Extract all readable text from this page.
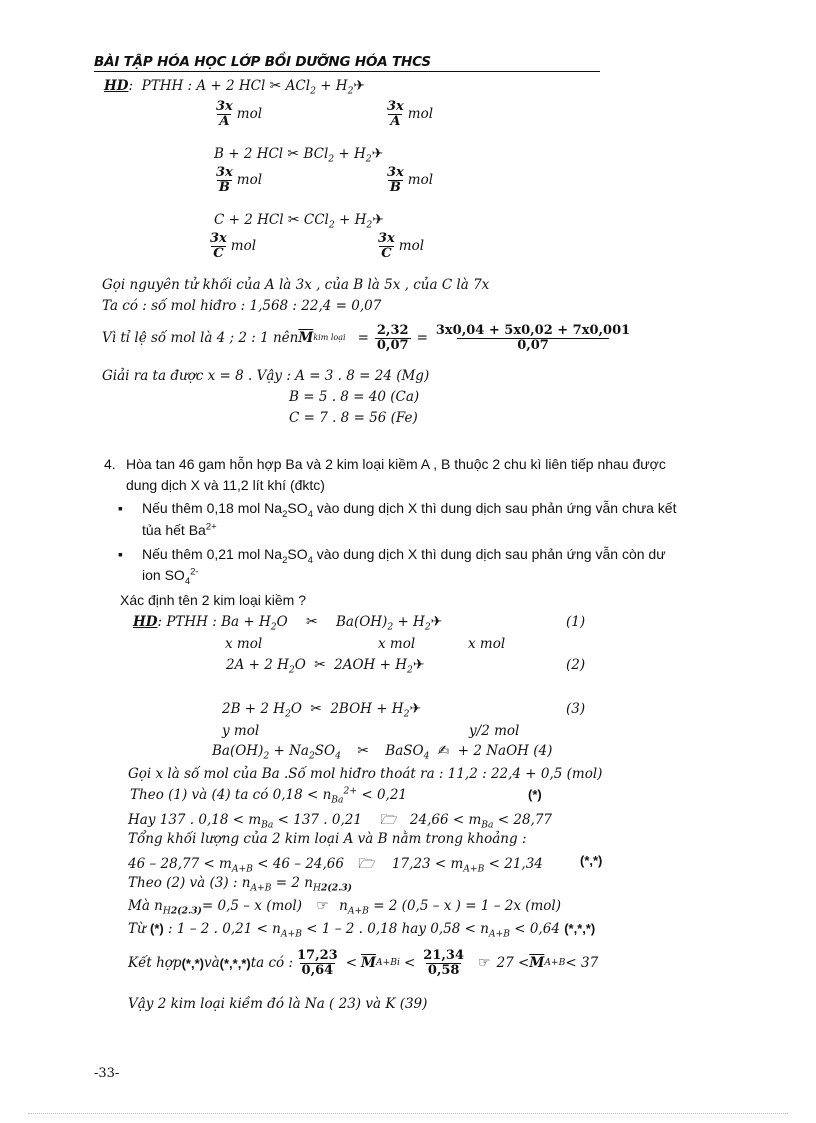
BÀI TẬP HÓA HỌC LỚP BỒI DƯỠNG HÓA THCS
HD:  PTHH : A + 2 HCl ✂ $ACl_2 + H_2✈$
$\frac{3x}{A}$ mol	$\frac{3x}{A}$ mol
B + 2 HCl ✂ $BCl_2 + H_2✈$
$\frac{3x}{B}$ mol	$\frac{3x}{B}$ mol
C + 2 HCl ✂ $CCl_2 + H_2✈$
$\frac{3x}{C}$ mol	$\frac{3x}{C}$ mol
Gọi nguyên tử khối của A là 3x , của B là 5x , của C là 7x
Ta có : số mol hiđro : 1,568 : 22,4 = 0,07
Vì tỉ lệ số mol là 4 ; 2 : 1 nên $\overline{M}$ kim loại = $\frac{2,32}{0,07} = \frac{3x0,04 + 5x0,02 + 7x0,001}{0,07}$
Giải ra ta được x = 8 . Vậy : A = 3 . 8 = 24 (Mg)
B = 5 . 8 = 40 (Ca)
C = 7 . 8 = 56 (Fe)
4. Hòa tan 46 gam hỗn hợp Ba và 2 kim loại kiềm A , B thuộc 2 chu kì liên tiếp nhau được
dung dịch X và 11,2 lít khí (đktc)
▪ Nếu thêm 0,18 mol $Na_2SO_4$ vào dung dịch X thì dung dịch sau phản ứng vẫn chưa kết
tủa hết $Ba^{2+}$
▪ Nếu thêm 0,21 mol $Na_2SO_4$ vào dung dịch X thì dung dịch sau phản ứng vẫn còn dư
ion $SO_4^{2-}$
Xác định tên 2 kim loại kiềm ?
HD: PTHH : $Ba + H_2O$ ✂ $Ba(OH)_2$ + $H_2✈$	(1)
x mol	x mol	x mol
2A + 2 $H_2O$ ✂ $2AOH + H_2✈$	(2)
2B + 2 $H_2O$ ✂ $2BOH + H_2✈$	(3)
y mol	y/2 mol
$Ba(OH)_2 + Na_2SO_4$ ✂ BaSO$_4$ ✍ + 2 NaOH (4)
Gọi x là số mol của Ba .Số mol hiđro thoát ra : 11,2 : 22,4 + 0,5 (mol)
Theo (1) và (4) ta có $0,18 < n_{Ba}^{2+} < 0,21$	(*)
Hay 137 . $0,18 < m_{Ba} < 137$ . 0,21 🗁 $24,66 < m_{Ba} < 28,77$
Tổng khối lượng của 2 kim loại A và B nằm trong khoảng :
$46 - 28,77 < m_{A+B} < 46 - 24,66$ 🗁 $17,23 < m_{A+B} < 21,34$	(*,*)
Theo (2) và (3) : $n_{A+B} = 2$ $n_{H2(2.3)}$
Mà $n_{H2(2.3)}= 0,5 - x$ (mol) ☞ $n_{A+B} = 2$ (0,5 – x ) = 1 – 2x (mol)
Từ (*) : 1 – 2 . $0,21 < n_{A+B} < 1 - 2$ . 0,18 hay $0,58 < n_{A+B} < 0,64$ (*,*,*)
Kết hợp (*,*) và (*,*,*) ta có : $\frac{17,23}{0,64} < \overline{M}$ $A+Bi < \frac{21,34}{0,58}$ ☞ $27 < \overline{M}$ A+B < 37
Vậy 2 kim loại kiềm đó là Na ( 23) và K (39)
-33-
